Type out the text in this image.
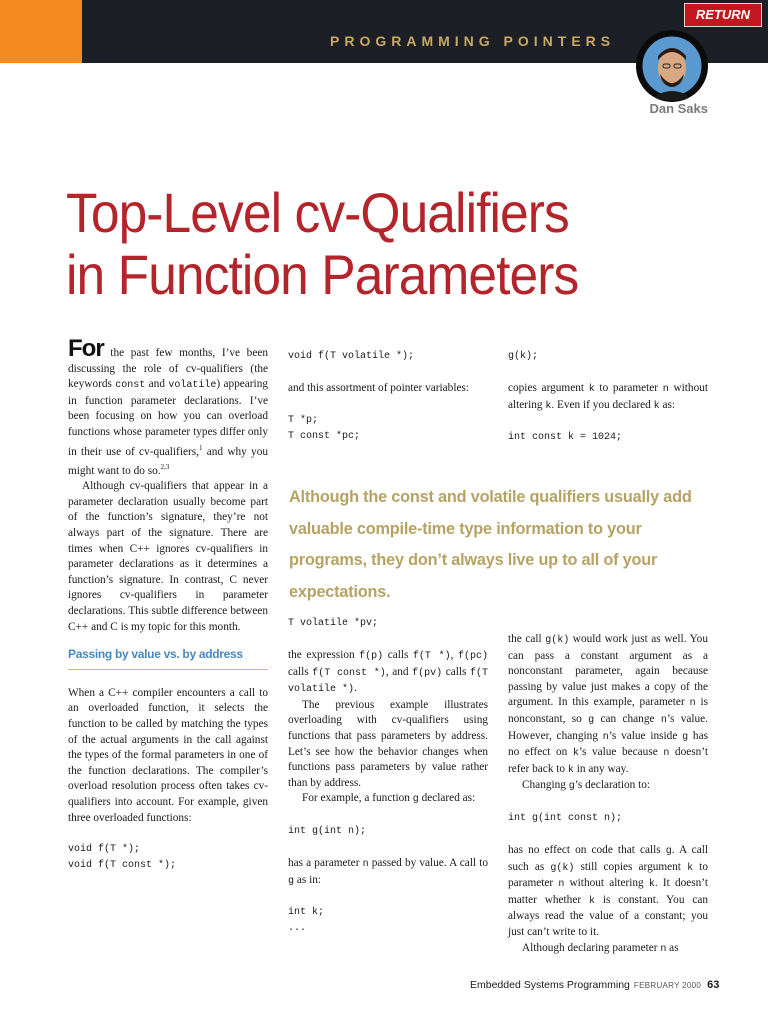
PROGRAMMING POINTERS
RETURN
Dan Saks
Top-Level cv-Qualifiers
in Function Parameters

For the past few months, I’ve been discussing the role of cv-qualifiers (the keywords const and volatile) appearing in function parameter declarations. I’ve been focusing on how you can overload functions whose parameter types differ only in their use of cv-qualifiers,$^1$ and why you might want to do so.$^{2,3}$

Although cv-qualifiers that appear in a parameter declaration usually become part of the function’s signature, they’re not always part of the signature. There are times when C++ ignores cv-qualifiers in parameter declarations as it determines a function’s signature. In contrast, C never ignores cv-qualifiers in parameter declarations. This subtle difference between C++ and C is my topic for this month.

Passing by value vs. by address

When a C++ compiler encounters a call to an overloaded function, it selects the function to be called by matching the types of the actual arguments in the call against the types of the formal parameters in one of the function declarations. The compiler’s overload resolution process often takes cv-qualifiers into account. For example, given three overloaded functions:

void f(T *);
void f(T const *);
void f(T volatile *);

and this assortment of pointer variables:

T *p;
T const *pc;

Although the const and volatile qualifiers usually add valuable compile-time type information to your programs, they don’t always live up to all of your expectations.

T volatile *pv;

the expression f(p) calls f(T *), f(pc) calls f(T const *), and f(pv) calls f(T volatile *).

The previous example illustrates overloading with cv-qualifiers using functions that pass parameters by address. Let’s see how the behavior changes when functions pass parameters by value rather than by address.

For example, a function g declared as:

int g(int n);

has a parameter n passed by value. A call to g as in:

int k;
...
g(k);

copies argument k to parameter n without altering k. Even if you declared k as:

int const k = 1024;

the call g(k) would work just as well. You can pass a constant argument as a nonconstant parameter, again because passing by value just makes a copy of the argument. In this example, parameter n is nonconstant, so g can change n’s value. However, changing n’s value inside g has no effect on k’s value because n doesn’t refer back to k in any way.

Changing g’s declaration to:

int g(int const n);

has no effect on code that calls g. A call such as g(k) still copies argument k to parameter n without altering k. It doesn’t matter whether k is constant. You can always read the value of a constant; you just can’t write to it.

Although declaring parameter n as

Embedded Systems Programming FEBRUARY 2000 63
